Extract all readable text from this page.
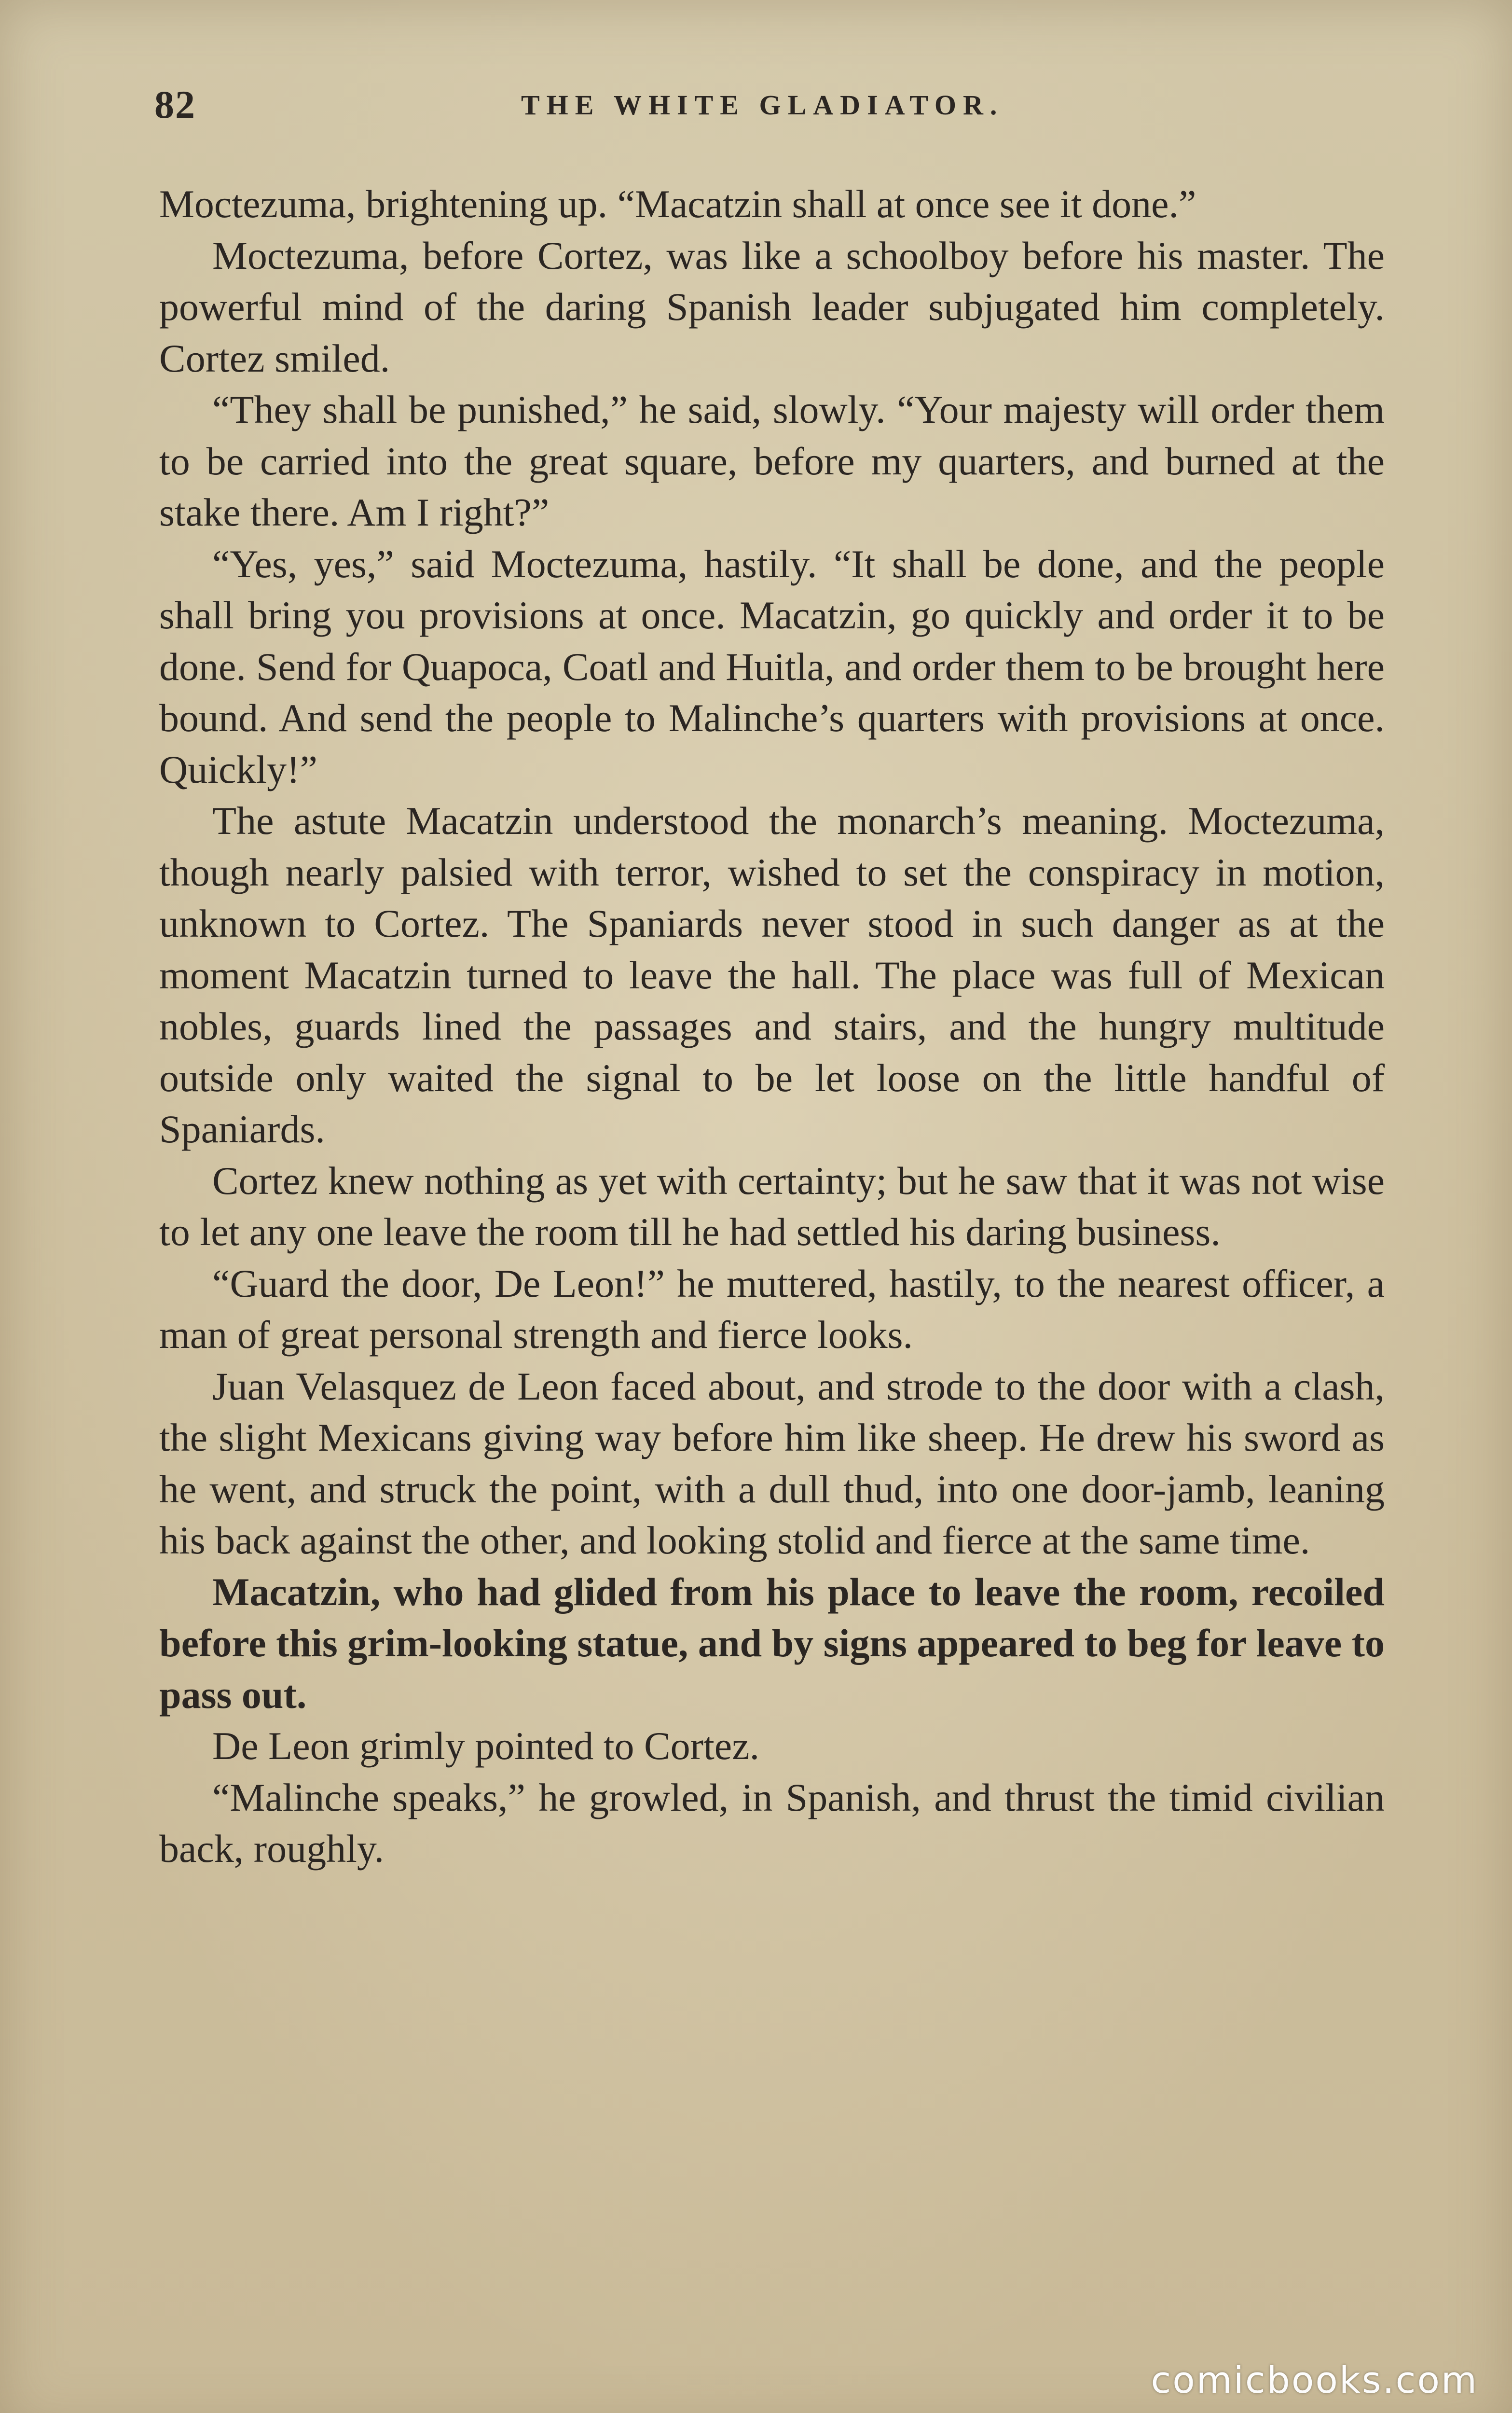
82	THE WHITE GLADIATOR.

Moctezuma, brightening up. “Macatzin shall at once see it done.”

Moctezuma, before Cortez, was like a schoolboy before his master. The powerful mind of the daring Spanish leader subjugated him completely. Cortez smiled.

“They shall be punished,” he said, slowly. “Your majesty will order them to be carried into the great square, before my quarters, and burned at the stake there. Am I right?”

“Yes, yes,” said Moctezuma, hastily. “It shall be done, and the people shall bring you provisions at once. Macatzin, go quickly and order it to be done. Send for Quapoca, Coatl and Huitla, and order them to be brought here bound. And send the people to Malinche’s quarters with provisions at once. Quickly!”

The astute Macatzin understood the monarch’s meaning. Moctezuma, though nearly palsied with terror, wished to set the conspiracy in motion, unknown to Cortez. The Spaniards never stood in such danger as at the moment Macatzin turned to leave the hall. The place was full of Mexican nobles, guards lined the passages and stairs, and the hungry multitude outside only waited the signal to be let loose on the little handful of Spaniards.

Cortez knew nothing as yet with certainty; but he saw that it was not wise to let any one leave the room till he had settled his daring business.

“Guard the door, De Leon!” he muttered, hastily, to the nearest officer, a man of great personal strength and fierce looks.

Juan Velasquez de Leon faced about, and strode to the door with a clash, the slight Mexicans giving way before him like sheep. He drew his sword as he went, and struck the point, with a dull thud, into one door-jamb, leaning his back against the other, and looking stolid and fierce at the same time.

Macatzin, who had glided from his place to leave the room, recoiled before this grim-looking statue, and by signs appeared to beg for leave to pass out.

De Leon grimly pointed to Cortez.

“Malinche speaks,” he growled, in Spanish, and thrust the timid civilian back, roughly.

comicbooks.com
